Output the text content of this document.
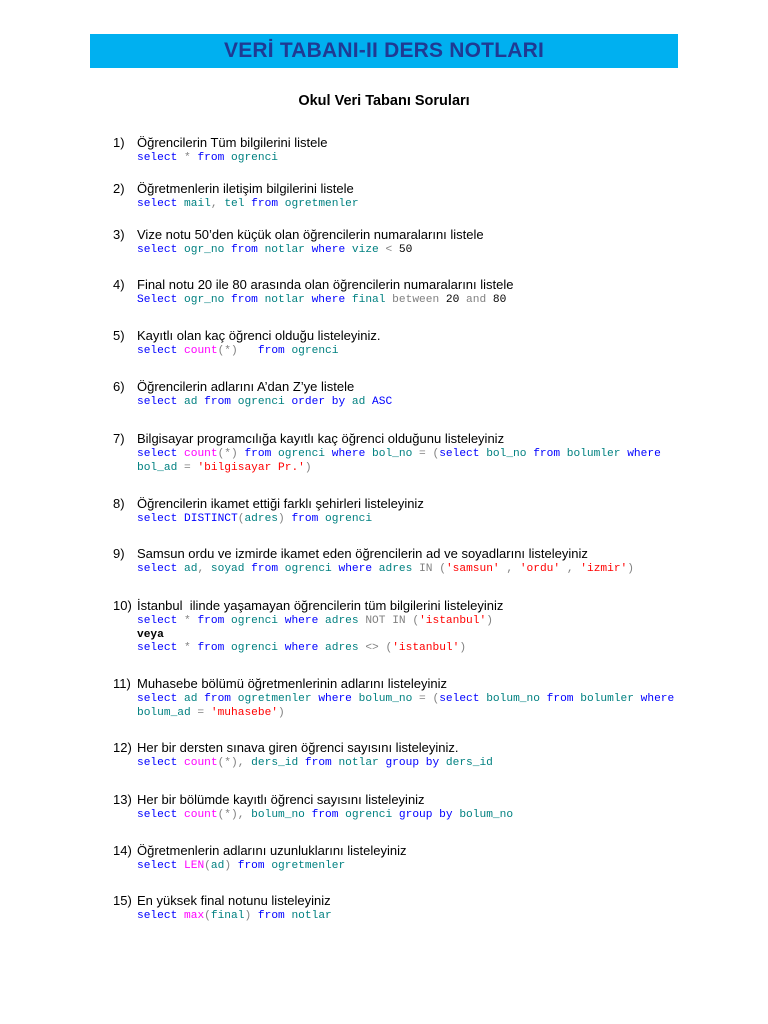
VERİ TABANI-II DERS NOTLARI
Okul Veri Tabanı Soruları
1) Öğrencilerin Tüm bilgilerini listele
select * from ogrenci
2) Öğretmenlerin iletişim bilgilerini listele
select mail, tel from ogretmenler
3) Vize notu 50’den küçük olan öğrencilerin numaralarını listele
select ogr_no from notlar where vize < 50
4) Final notu 20 ile 80 arasında olan öğrencilerin numaralarını listele
Select ogr_no from notlar where final between 20 and 80
5) Kayıtlı olan kaç öğrenci olduğu listeleyiniz.
select count(*)   from ogrenci
6) Öğrencilerin adlarını A’dan Z’ye listele
select ad from ogrenci order by ad ASC
7) Bilgisayar programcılığa kayıtlı kaç öğrenci olduğunu listeleyiniz
select count(*) from ogrenci where bol_no = (select bol_no from bolumler where
bol_ad = 'bilgisayar Pr.')
8) Öğrencilerin ikamet ettiği farklı şehirleri listeleyiniz
select DISTINCT(adres) from ogrenci
9) Samsun ordu ve izmirde ikamet eden öğrencilerin ad ve soyadlarını listeleyiniz
select ad, soyad from ogrenci where adres IN ('samsun' , 'ordu' , 'izmir')
10) İstanbul  ilinde yaşamayan öğrencilerin tüm bilgilerini listeleyiniz
select * from ogrenci where adres NOT IN ('istanbul')
veya
select * from ogrenci where adres <> ('istanbul')
11) Muhasebe bölümü öğretmenlerinin adlarını listeleyiniz
select ad from ogretmenler where bolum_no = (select bolum_no from bolumler where
bolum_ad = 'muhasebe')
12) Her bir dersten sınava giren öğrenci sayısını listeleyiniz.
select count(*), ders_id from notlar group by ders_id
13) Her bir bölümde kayıtlı öğrenci sayısını listeleyiniz
select count(*), bolum_no from ogrenci group by bolum_no
14) Öğretmenlerin adlarını uzunluklarını listeleyiniz
select LEN(ad) from ogretmenler
15) En yüksek final notunu listeleyiniz
select max(final) from notlar
